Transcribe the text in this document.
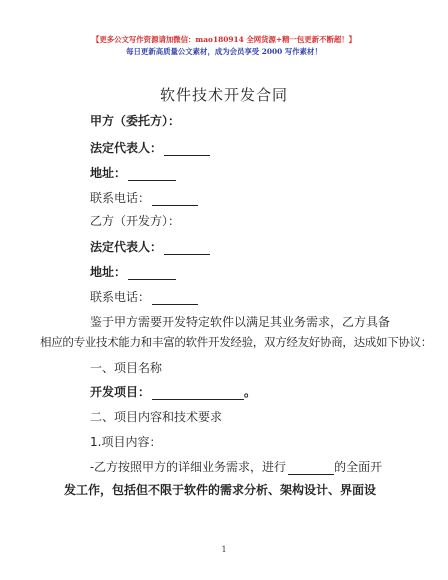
【更多公文写作资源请加微信：mao180914 全网货源+精一包更新不断超！】
每日更新高质量公文素材，成为会员享受 2000 写作素材！
软件技术开发合同
甲方（委托方）：
法定代表人：
地址：
联系电话：
乙方（开发方）：
法定代表人：
地址：
联系电话：
鉴于甲方需要开发特定软件以满足其业务需求，乙方具备
相应的专业技术能力和丰富的软件开发经验，双方经友好协商，达成如下协议：
一、项目名称
开发项目：	。
二、项目内容和技术要求
1.项目内容：
-乙方按照甲方的详细业务需求，进行	的全面开
发工作，包括但不限于软件的需求分析、架构设计、界面设
1
